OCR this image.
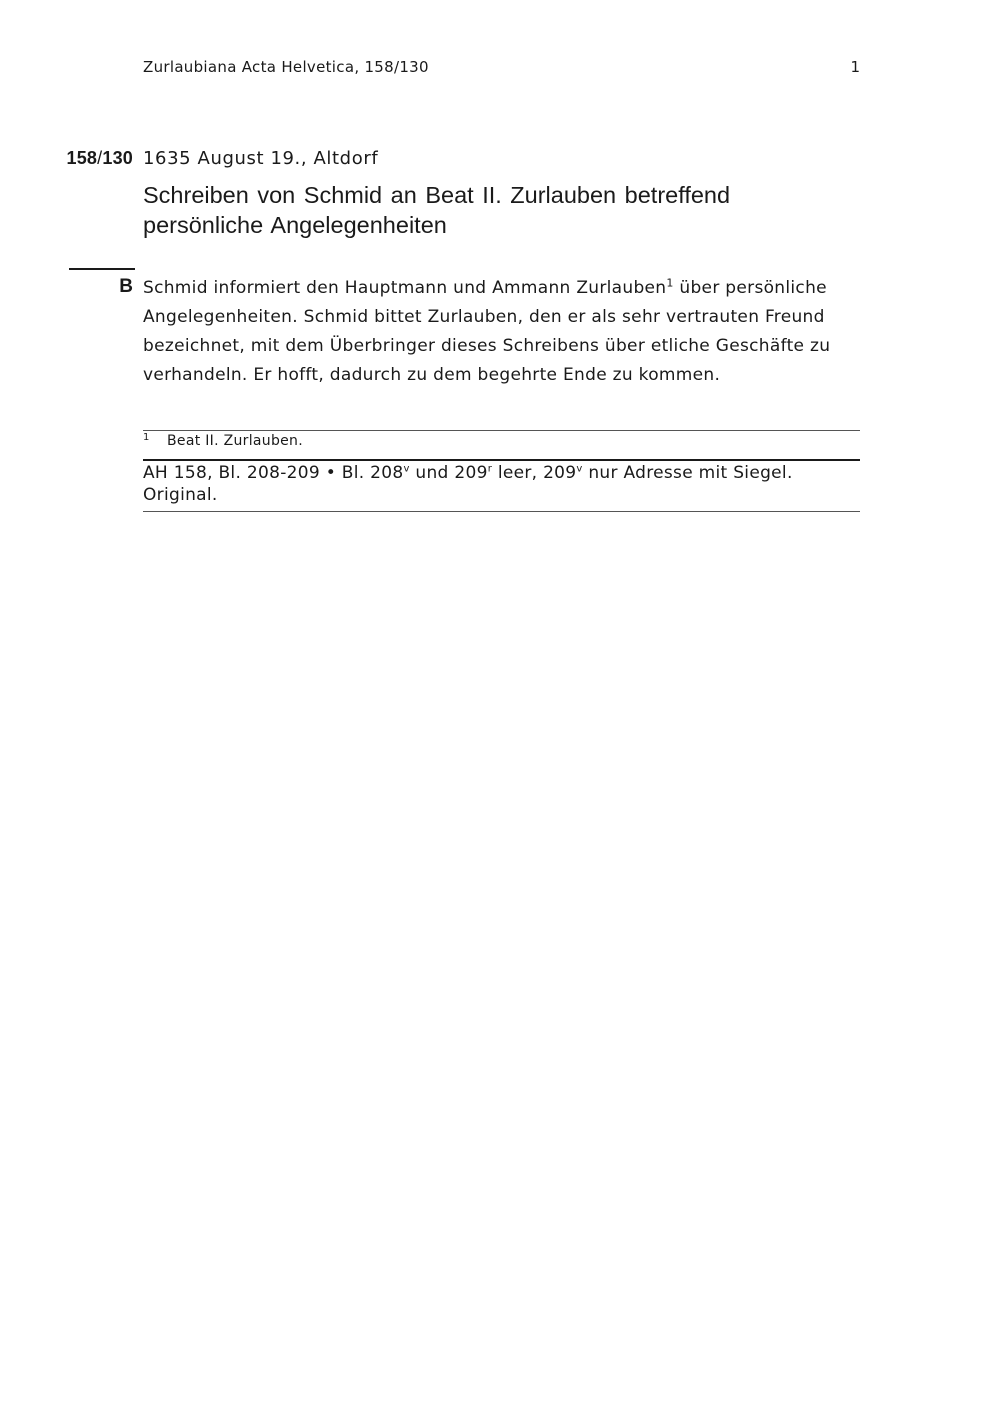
Zurlaubiana Acta Helvetica, 158/130	1
158/130 1635 August 19., Altdorf
Schreiben von Schmid an Beat II. Zurlauben betreffend
persönliche Angelegenheiten
B Schmid informiert den Hauptmann und Ammann Zurlauben$^1$ über persönliche Angelegenheiten. Schmid bittet Zurlauben, den er als sehr vertrauten Freund bezeichnet, mit dem Überbringer dieses Schreibens über etliche Geschäfte zu verhandeln. Er hofft, dadurch zu dem begehrte Ende zu kommen.

1 Beat II. Zurlauben.
AH 158, Bl. 208-209 • Bl. 208$^v$ und 209$^r$ leer, 209$^v$ nur Adresse mit Siegel.
Original.
